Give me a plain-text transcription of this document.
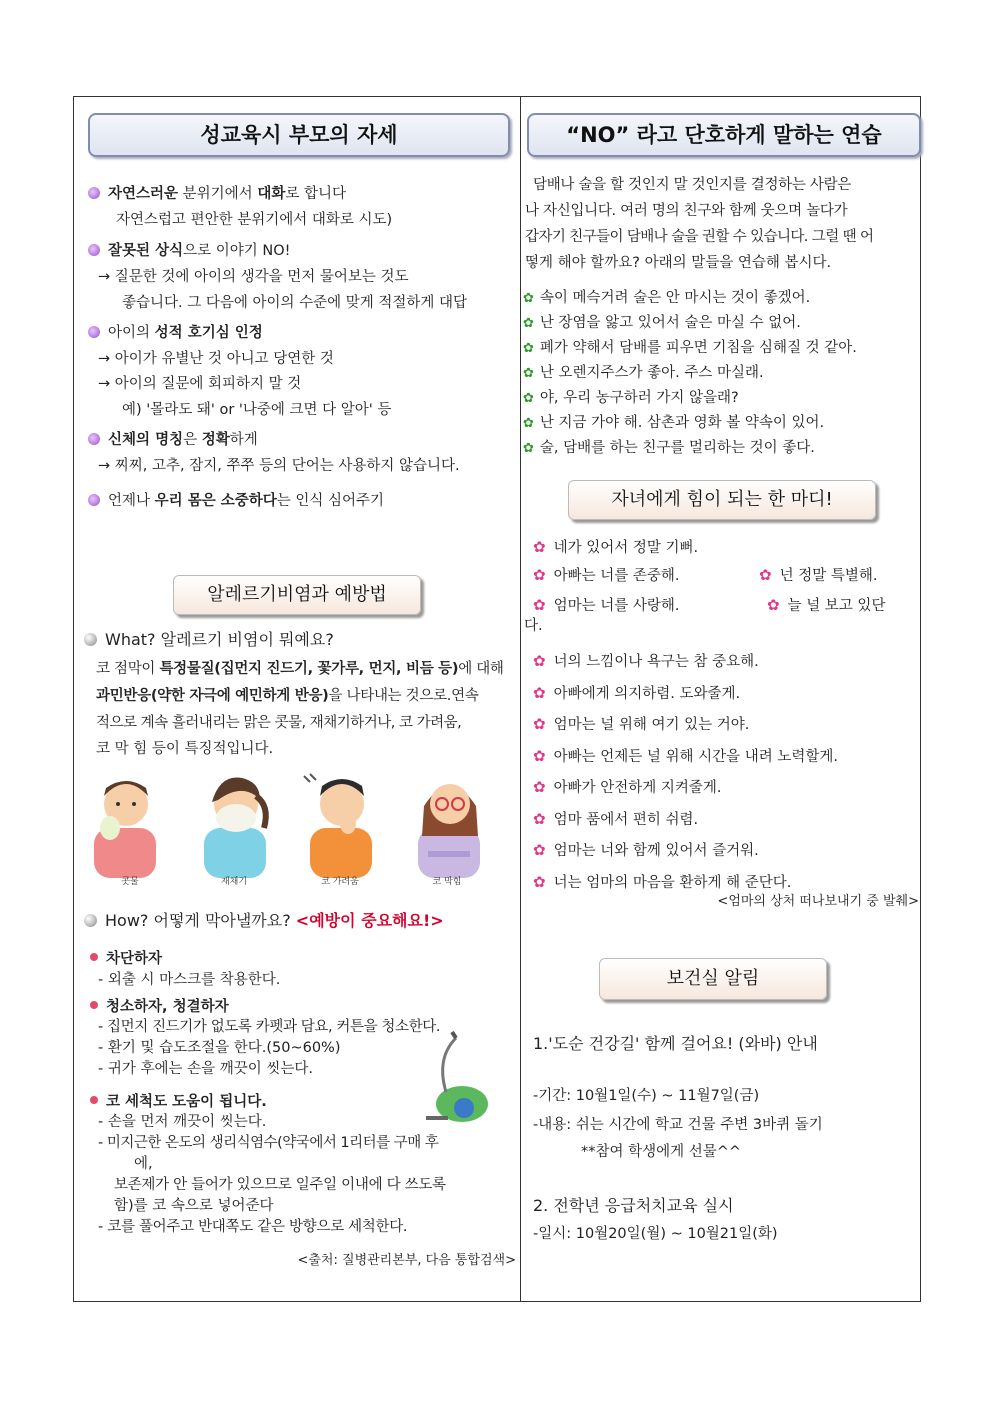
성교육시 부모의 자세
자연스러운 분위기에서 대화로 합니다
자연스럽고 편안한 분위기에서 대화로 시도)
잘못된 상식으로 이야기 NO!
→ 질문한 것에 아이의 생각을 먼저 물어보는 것도
좋습니다. 그 다음에 아이의 수준에 맞게 적절하게 대답
아이의 성적 호기심 인정
→ 아이가 유별난 것 아니고 당연한 것
→ 아이의 질문에 회피하지 말 것
예) '몰라도 돼' or '나중에 크면 다 알아' 등
신체의 명칭은 정확하게
→ 찌찌, 고추, 잠지, 쭈쭈 등의 단어는 사용하지 않습니다.
언제나 우리 몸은 소중하다는 인식 심어주기
알레르기비염과 예방법
What? 알레르기 비염이 뭐예요?
코 점막이 특정물질(집먼지 진드기, 꽃가루, 먼지, 비듬 등)에 대해
과민반응(약한 자극에 예민하게 반응)을 나타내는 것으로.연속
적으로 계속 흘러내리는 맑은 콧물, 재채기하거나, 코 가려움,
코 막 힘 등이 특징적입니다.
콧물	재채기	코 가려움	코 막힘
How? 어떻게 막아낼까요? <예방이 중요해요!>
차단하자
- 외출 시 마스크를 착용한다.
청소하자, 청결하자
- 집먼지 진드기가 없도록 카펫과 담요, 커튼을 청소한다.
- 환기 및 습도조절을 한다.(50~60%)
- 귀가 후에는 손을 깨끗이 씻는다.
코 세척도 도움이 됩니다.
- 손을 먼저 깨끗이 씻는다.
- 미지근한 온도의 생리식염수(약국에서 1리터를 구매 후
에,
보존제가 안 들어가 있으므로 일주일 이내에 다 쓰도록
함)를 코 속으로 넣어준다
- 코를 풀어주고 반대쪽도 같은 방향으로 세척한다.
<출처: 질병관리본부, 다음 통합검색>
“NO” 라고 단호하게 말하는 연습
담배나 술을 할 것인지 말 것인지를 결정하는 사람은
나 자신입니다. 여러 명의 친구와 함께 웃으며 놀다가
갑자기 친구들이 담배나 술을 권할 수 있습니다. 그럴 땐 어
떻게 해야 할까요? 아래의 말들을 연습해 봅시다.
✿ 속이 메슥거려 술은 안 마시는 것이 좋겠어.
✿ 난 장염을 앓고 있어서 술은 마실 수 없어.
✿ 폐가 약해서 담배를 피우면 기침을 심해질 것 같아.
✿ 난 오렌지주스가 좋아. 주스 마실래.
✿ 야, 우리 농구하러 가지 않을래?
✿ 난 지금 가야 해. 삼촌과 영화 볼 약속이 있어.
✿ 술, 담배를 하는 친구를 멀리하는 것이 좋다.
자녀에게 힘이 되는 한 마디!
✿ 네가 있어서 정말 기뻐.
✿ 아빠는 너를 존중해.	✿ 넌 정말 특별해.
✿ 엄마는 너를 사랑해.	✿ 늘 널 보고 있단
다.
✿ 너의 느낌이나 욕구는 참 중요해.
✿ 아빠에게 의지하렴. 도와줄게.
✿ 엄마는 널 위해 여기 있는 거야.
✿ 아빠는 언제든 널 위해 시간을 내려 노력할게.
✿ 아빠가 안전하게 지켜줄게.
✿ 엄마 품에서 편히 쉬렴.
✿ 엄마는 너와 함께 있어서 즐거워.
✿ 너는 엄마의 마음을 환하게 해 준단다.
<엄마의 상처 떠나보내기 중 발췌>
보건실 알림
1.'도순 건강길' 함께 걸어요! (와바) 안내
-기간: 10월1일(수) ~ 11월7일(금)
-내용: 쉬는 시간에 학교 건물 주변 3바퀴 돌기
**참여 학생에게 선물^^
2. 전학년 응급처치교육 실시
-일시: 10월20일(월) ~ 10월21일(화)
